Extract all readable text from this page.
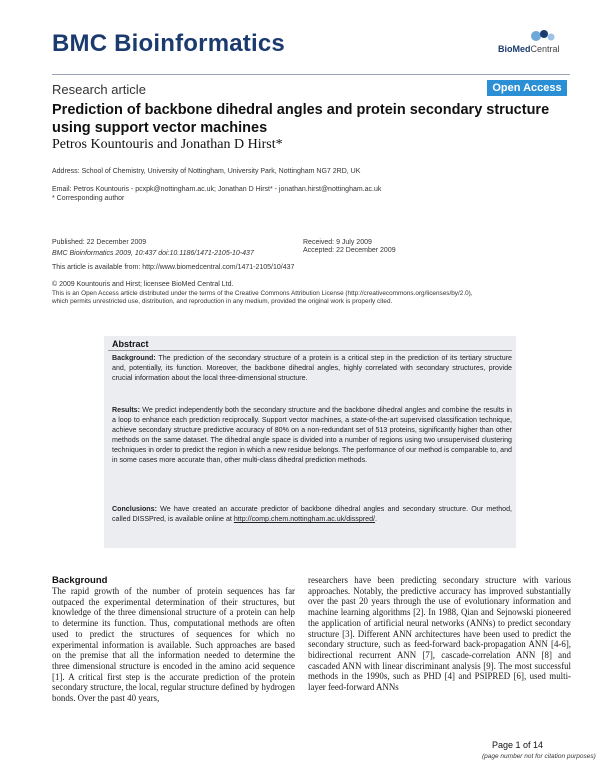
BMC Bioinformatics	BioMedCentral
Research article	Open Access
Prediction of backbone dihedral angles and protein secondary structure using support vector machines
Petros Kountouris and Jonathan D Hirst*
Address: School of Chemistry, University of Nottingham, University Park, Nottingham NG7 2RD, UK
Email: Petros Kountouris - pcxpk@nottingham.ac.uk; Jonathan D Hirst* - jonathan.hirst@nottingham.ac.uk
* Corresponding author
Published: 22 December 2009
BMC Bioinformatics 2009, 10:437 doi:10.1186/1471-2105-10-437
Received: 9 July 2009
Accepted: 22 December 2009
This article is available from: http://www.biomedcentral.com/1471-2105/10/437
© 2009 Kountouris and Hirst; licensee BioMed Central Ltd.
This is an Open Access article distributed under the terms of the Creative Commons Attribution License (http://creativecommons.org/licenses/by/2.0),
which permits unrestricted use, distribution, and reproduction in any medium, provided the original work is properly cited.
Abstract
Background: The prediction of the secondary structure of a protein is a critical step in the prediction of its tertiary structure and, potentially, its function. Moreover, the backbone dihedral angles, highly correlated with secondary structures, provide crucial information about the local three-dimensional structure.
Results: We predict independently both the secondary structure and the backbone dihedral angles and combine the results in a loop to enhance each prediction reciprocally. Support vector machines, a state-of-the-art supervised classification technique, achieve secondary structure predictive accuracy of 80% on a non-redundant set of 513 proteins, significantly higher than other methods on the same dataset. The dihedral angle space is divided into a number of regions using two unsupervised clustering techniques in order to predict the region in which a new residue belongs. The performance of our method is comparable to, and in some cases more accurate than, other multi-class dihedral prediction methods.
Conclusions: We have created an accurate predictor of backbone dihedral angles and secondary structure. Our method, called DISSPred, is available online at http://comp.chem.nottingham.ac.uk/disspred/.
Background
The rapid growth of the number of protein sequences has far outpaced the experimental determination of their structures, but knowledge of the three dimensional structure of a protein can help to determine its function. Thus, computational methods are often used to predict the structures of sequences for which no experimental information is available. Such approaches are based on the premise that all the information needed to determine the three dimensional structure is encoded in the amino acid sequence [1]. A critical first step is the accurate prediction of the protein secondary structure, the local, regular structure defined by hydrogen bonds. Over the past 40 years,
researchers have been predicting secondary structure with various approaches. Notably, the predictive accuracy has improved substantially over the past 20 years through the use of evolutionary information and machine learning algorithms [2]. In 1988, Qian and Sejnowski pioneered the application of artificial neural networks (ANNs) to predict secondary structure [3]. Different ANN architectures have been used to predict the secondary structure, such as feed-forward back-propagation ANN [4-6], bidirectional recurrent ANN [7], cascade-correlation ANN [8] and cascaded ANN with linear discriminant analysis [9]. The most successful methods in the 1990s, such as PHD [4] and PSIPRED [6], used multi-layer feed-forward ANNs
Page 1 of 14
(page number not for citation purposes)
